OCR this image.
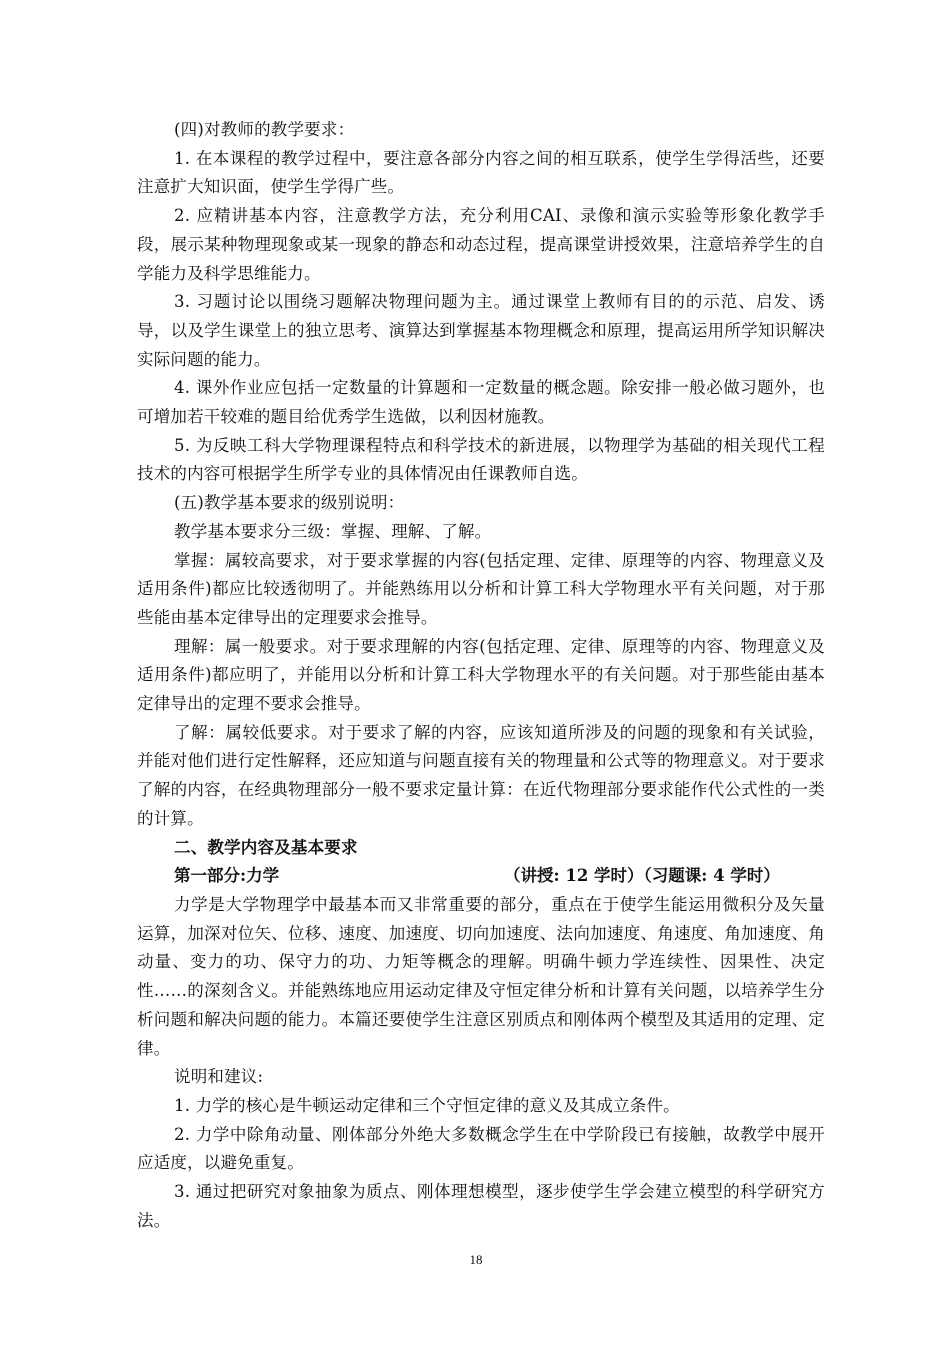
(四)对教师的教学要求：

1. 在本课程的教学过程中，要注意各部分内容之间的相互联系，使学生学得活些，还要注意扩大知识面，使学生学得广些。

2. 应精讲基本内容，注意教学方法，充分利用CAI、录像和演示实验等形象化教学手段，展示某种物理现象或某一现象的静态和动态过程，提高课堂讲授效果，注意培养学生的自学能力及科学思维能力。

3. 习题讨论以围绕习题解决物理问题为主。通过课堂上教师有目的的示范、启发、诱导，以及学生课堂上的独立思考、演算达到掌握基本物理概念和原理，提高运用所学知识解决实际问题的能力。

4. 课外作业应包括一定数量的计算题和一定数量的概念题。除安排一般必做习题外，也可增加若干较难的题目给优秀学生选做，以利因材施教。

5. 为反映工科大学物理课程特点和科学技术的新进展，以物理学为基础的相关现代工程技术的内容可根据学生所学专业的具体情况由任课教师自选。

(五)教学基本要求的级别说明：

教学基本要求分三级：掌握、理解、了解。

掌握：属较高要求，对于要求掌握的内容(包括定理、定律、原理等的内容、物理意义及适用条件)都应比较透彻明了。并能熟练用以分析和计算工科大学物理水平有关问题，对于那些能由基本定律导出的定理要求会推导。

理解：属一般要求。对于要求理解的内容(包括定理、定律、原理等的内容、物理意义及适用条件)都应明了，并能用以分析和计算工科大学物理水平的有关问题。对于那些能由基本定律导出的定理不要求会推导。

了解：属较低要求。对于要求了解的内容，应该知道所涉及的问题的现象和有关试验，并能对他们进行定性解释，还应知道与问题直接有关的物理量和公式等的物理意义。对于要求了解的内容，在经典物理部分一般不要求定量计算：在近代物理部分要求能作代公式性的一类的计算。

二、教学内容及基本要求

第一部分:力学	（讲授: 12 学时）（习题课: 4 学时）

力学是大学物理学中最基本而又非常重要的部分，重点在于使学生能运用微积分及矢量运算，加深对位矢、位移、速度、加速度、切向加速度、法向加速度、角速度、角加速度、角动量、变力的功、保守力的功、力矩等概念的理解。明确牛顿力学连续性、因果性、决定性……的深刻含义。并能熟练地应用运动定律及守恒定律分析和计算有关问题，以培养学生分析问题和解决问题的能力。本篇还要使学生注意区别质点和刚体两个模型及其适用的定理、定律。

说明和建议:

1. 力学的核心是牛顿运动定律和三个守恒定律的意义及其成立条件。

2. 力学中除角动量、刚体部分外绝大多数概念学生在中学阶段已有接触，故教学中展开应适度，以避免重复。

3. 通过把研究对象抽象为质点、刚体理想模型，逐步使学生学会建立模型的科学研究方法。

18
